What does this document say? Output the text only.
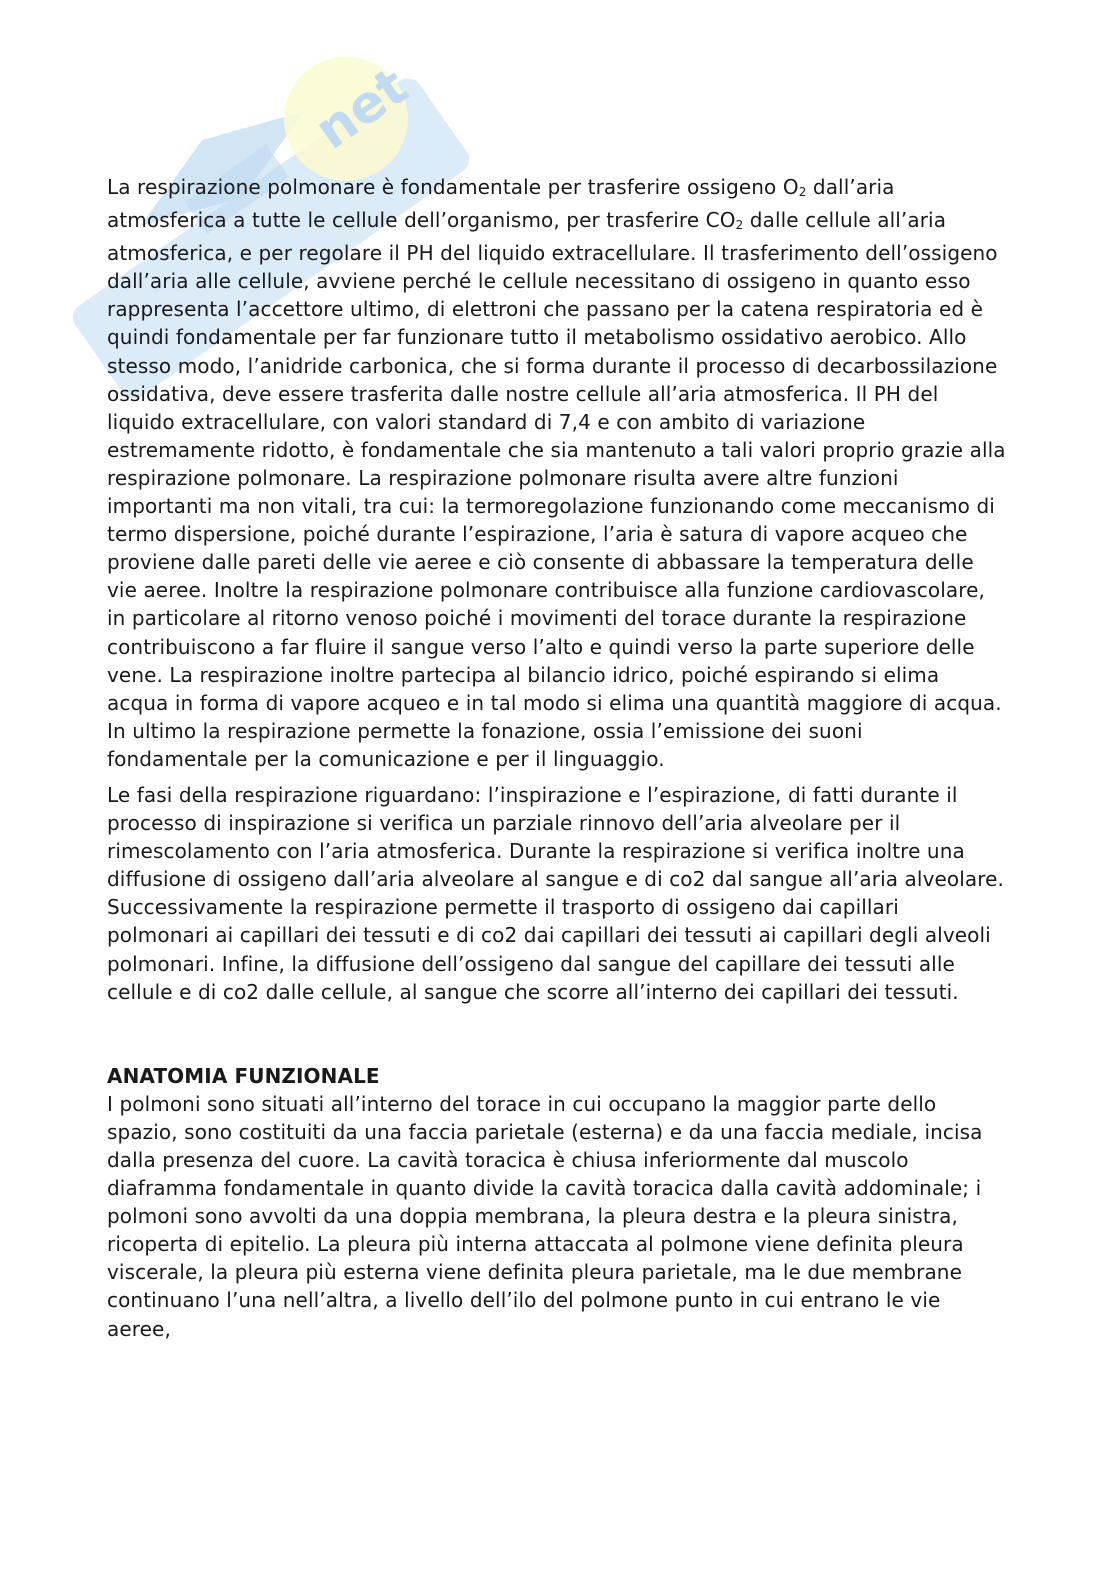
net

La respirazione polmonare è fondamentale per trasferire ossigeno $O_2$ dall’aria atmosferica a tutte le cellule dell’organismo, per trasferire $CO_2$ dalle cellule all’aria atmosferica, e per regolare il PH del liquido extracellulare. Il trasferimento dell’ossigeno dall’aria alle cellule, avviene perché le cellule necessitano di ossigeno in quanto esso rappresenta l’accettore ultimo, di elettroni che passano per la catena respiratoria ed è quindi fondamentale per far funzionare tutto il metabolismo ossidativo aerobico. Allo stesso modo, l’anidride carbonica, che si forma durante il processo di decarbossilazione ossidativa, deve essere trasferita dalle nostre cellule all’aria atmosferica. Il PH del liquido extracellulare, con valori standard di 7,4 e con ambito di variazione estremamente ridotto, è fondamentale che sia mantenuto a tali valori proprio grazie alla respirazione polmonare. La respirazione polmonare risulta avere altre funzioni importanti ma non vitali, tra cui: la termoregolazione funzionando come meccanismo di termo dispersione, poiché durante l’espirazione, l’aria è satura di vapore acqueo che proviene dalle pareti delle vie aeree e ciò consente di abbassare la temperatura delle vie aeree. Inoltre la respirazione polmonare contribuisce alla funzione cardiovascolare, in particolare al ritorno venoso poiché i movimenti del torace durante la respirazione contribuiscono a far fluire il sangue verso l’alto e quindi verso la parte superiore delle vene. La respirazione inoltre partecipa al bilancio idrico, poiché espirando si elima acqua in forma di vapore acqueo e in tal modo si elima una quantità maggiore di acqua. In ultimo la respirazione permette la fonazione, ossia l’emissione dei suoni fondamentale per la comunicazione e per il linguaggio.

Le fasi della respirazione riguardano: l’inspirazione e l’espirazione, di fatti durante il processo di inspirazione si verifica un parziale rinnovo dell’aria alveolare per il rimescolamento con l’aria atmosferica. Durante la respirazione si verifica inoltre una diffusione di ossigeno dall’aria alveolare al sangue e di co2 dal sangue all’aria alveolare. Successivamente la respirazione permette il trasporto di ossigeno dai capillari polmonari ai capillari dei tessuti e di co2 dai capillari dei tessuti ai capillari degli alveoli polmonari. Infine, la diffusione dell’ossigeno dal sangue del capillare dei tessuti alle cellule e di co2 dalle cellule, al sangue che scorre all’interno dei capillari dei tessuti.

ANATOMIA FUNZIONALE

I polmoni sono situati all’interno del torace in cui occupano la maggior parte dello spazio, sono costituiti da una faccia parietale (esterna) e da una faccia mediale, incisa dalla presenza del cuore. La cavità toracica è chiusa inferiormente dal muscolo diaframma fondamentale in quanto divide la cavità toracica dalla cavità addominale; i polmoni sono avvolti da una doppia membrana, la pleura destra e la pleura sinistra, ricoperta di epitelio. La pleura più interna attaccata al polmone viene definita pleura viscerale, la pleura più esterna viene definita pleura parietale, ma le due membrane continuano l’una nell’altra, a livello dell’ilo del polmone punto in cui entrano le vie aeree,
